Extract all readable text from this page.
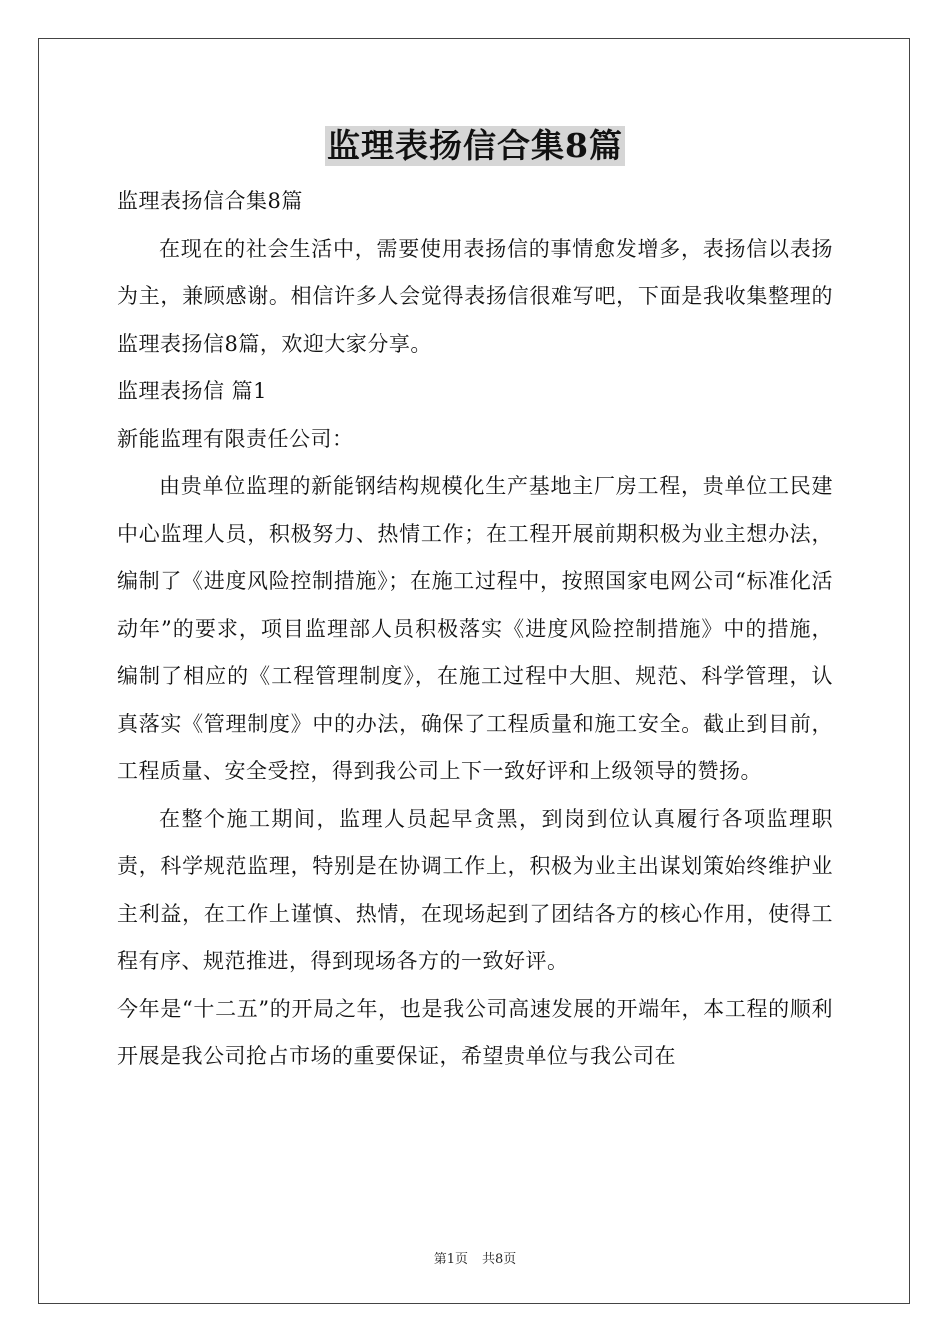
监理表扬信合集8篇

监理表扬信合集8篇

在现在的社会生活中，需要使用表扬信的事情愈发增多，表扬信以表扬为主，兼顾感谢。相信许多人会觉得表扬信很难写吧，下面是我收集整理的监理表扬信8篇，欢迎大家分享。

监理表扬信 篇1

新能监理有限责任公司：

由贵单位监理的新能钢结构规模化生产基地主厂房工程，贵单位工民建中心监理人员，积极努力、热情工作；在工程开展前期积极为业主想办法，编制了《进度风险控制措施》；在施工过程中，按照国家电网公司“标准化活动年”的要求，项目监理部人员积极落实《进度风险控制措施》中的措施，编制了相应的《工程管理制度》，在施工过程中大胆、规范、科学管理，认真落实《管理制度》中的办法，确保了工程质量和施工安全。截止到目前，工程质量、安全受控，得到我公司上下一致好评和上级领导的赞扬。

在整个施工期间，监理人员起早贪黑，到岗到位认真履行各项监理职责，科学规范监理，特别是在协调工作上，积极为业主出谋划策始终维护业主利益，在工作上谨慎、热情，在现场起到了团结各方的核心作用，使得工程有序、规范推进，得到现场各方的一致好评。

今年是“十二五”的开局之年，也是我公司高速发展的开端年，本工程的顺利开展是我公司抢占市场的重要保证，希望贵单位与我公司在

第1页 共8页
